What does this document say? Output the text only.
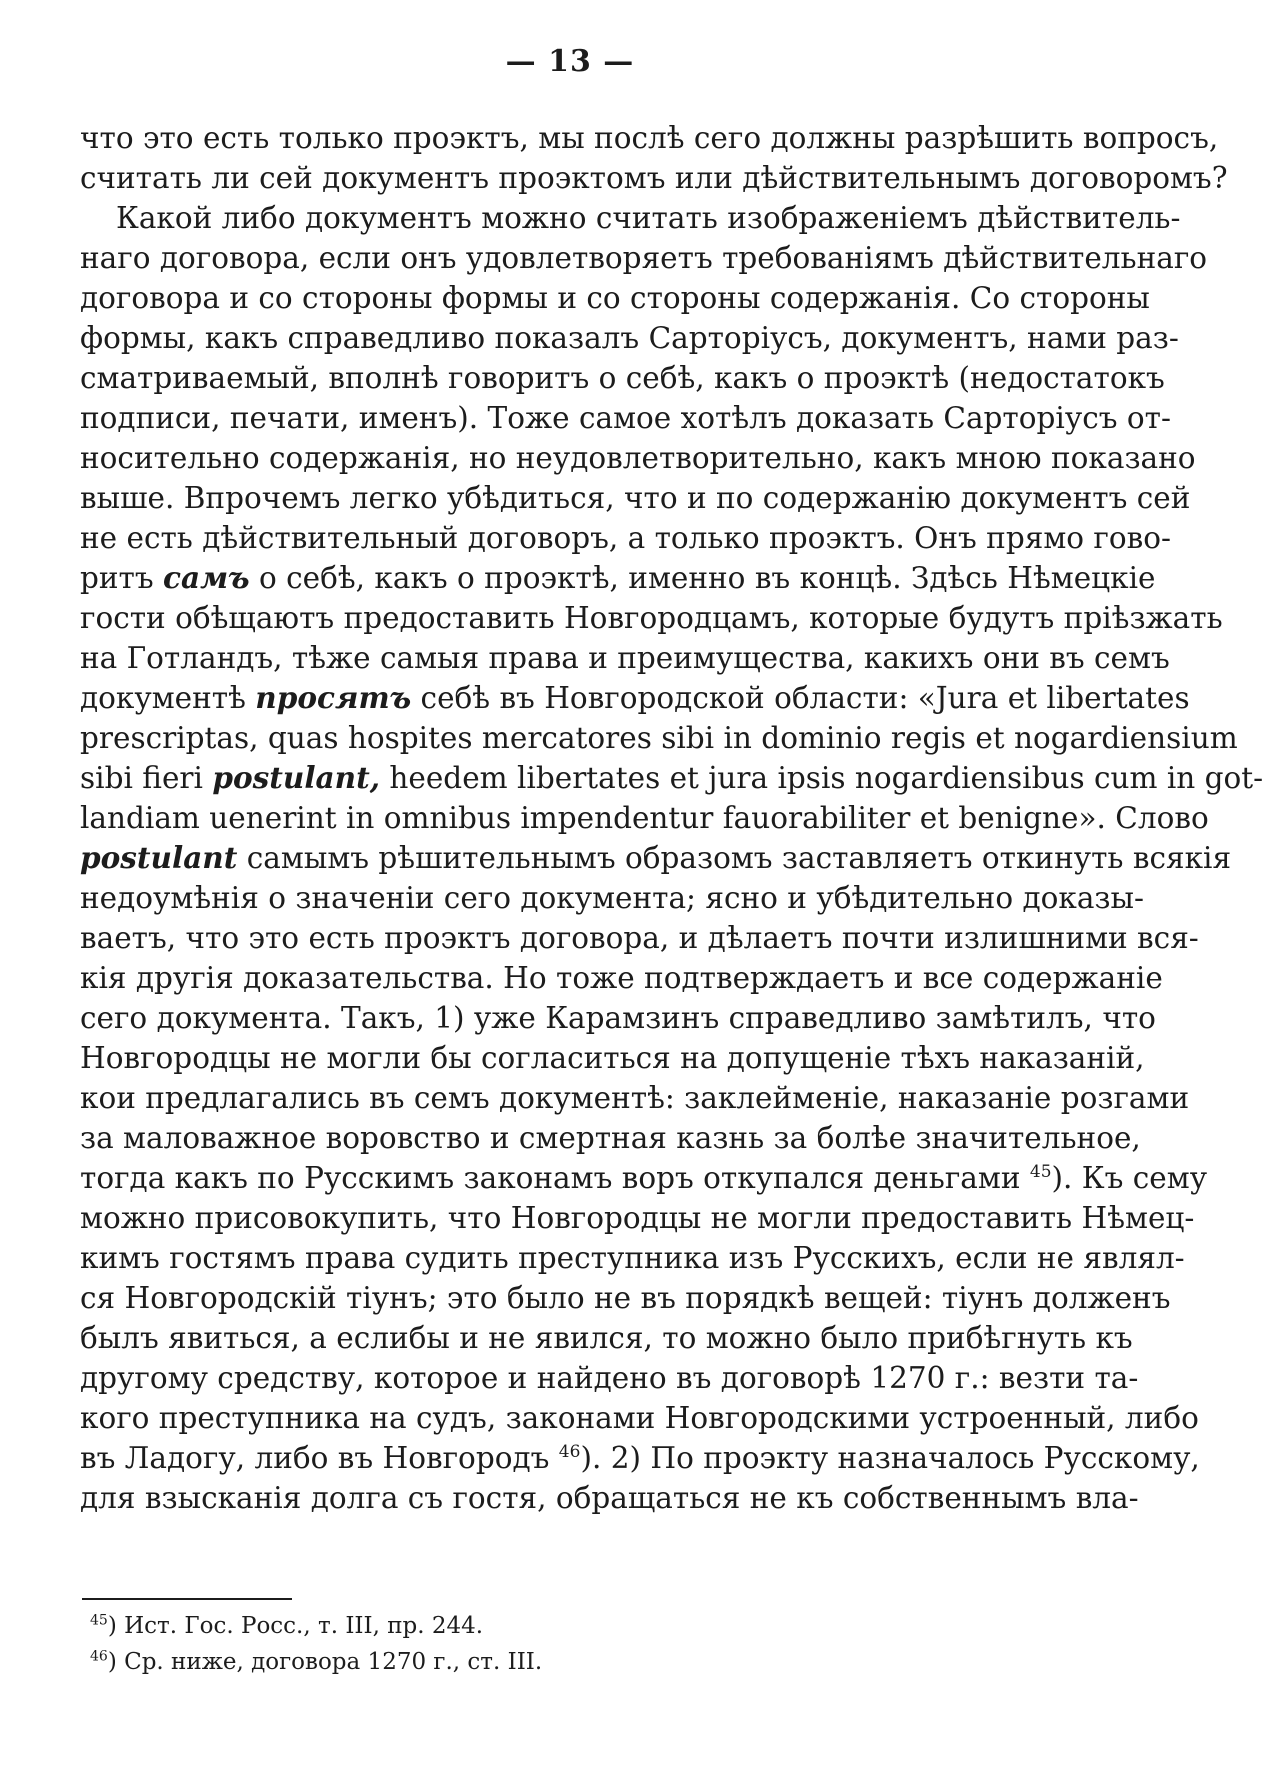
— 13 —
что это есть только проэктъ, мы послѣ сего должны разрѣшить вопросъ,
считать ли сей документъ проэктомъ или дѣйствительнымъ договоромъ?
Какой либо документъ можно считать изображеніемъ дѣйствитель-
наго договора, если онъ удовлетворяетъ требованіямъ дѣйствительнаго
договора и со стороны формы и со стороны содержанія. Со стороны
формы, какъ справедливо показалъ Сарторіусъ, документъ, нами раз-
сматриваемый, вполнѣ говоритъ о себѣ, какъ о проэктѣ (недостатокъ
подписи, печати, именъ). Тоже самое хотѣлъ доказать Сарторіусъ от-
носительно содержанія, но неудовлетворительно, какъ мною показано
выше. Впрочемъ легко убѣдиться, что и по содержанію документъ сей
не есть дѣйствительный договоръ, а только проэктъ. Онъ прямо гово-
ритъ самъ о себѣ, какъ о проэктѣ, именно въ концѣ. Здѣсь Нѣмецкіе
гости обѣщаютъ предоставить Новгородцамъ, которые будутъ пріѣзжать
на Готландъ, тѣже самыя права и преимущества, какихъ они въ семъ
документѣ просятъ себѣ въ Новгородской области: «Jura et libertates
prescriptas, quas hospites mercatores sibi in dominio regis et nogardiensium
sibi fieri postulant, heedem libertates et jura ipsis nogardiensibus cum in got-
landiam uenerint in omnibus impendentur fauorabiliter et benigne». Слово
postulant самымъ рѣшительнымъ образомъ заставляетъ откинуть всякія
недоумѣнія о значеніи сего документа; ясно и убѣдительно доказы-
ваетъ, что это есть проэктъ договора, и дѣлаетъ почти излишними вся-
кія другія доказательства. Но тоже подтверждаетъ и все содержаніе
сего документа. Такъ, 1) уже Карамзинъ справедливо замѣтилъ, что
Новгородцы не могли бы согласиться на допущеніе тѣхъ наказаній,
кои предлагались въ семъ документѣ: заклейменіе, наказаніе розгами
за маловажное воровство и смертная казнь за болѣе значительное,
тогда какъ по Русскимъ законамъ воръ откупался деньгами $^{45}$). Къ сему
можно присовокупить, что Новгородцы не могли предоставить Нѣмец-
кимъ гостямъ права судить преступника изъ Русскихъ, если не являл-
ся Новгородскій тіунъ; это было не въ порядкѣ вещей: тіунъ долженъ
былъ явиться, а еслибы и не явился, то можно было прибѣгнуть къ
другому средству, которое и найдено въ договорѣ 1270 г.: везти та-
кого преступника на судъ, законами Новгородскими устроенный, либо
въ Ладогу, либо въ Новгородъ $^{46}$). 2) По проэкту назначалось Русскому,
для взысканія долга съ гостя, обращаться не къ собственнымъ вла-
$^{45}$) Ист. Гос. Росс., т. III, пр. 244.
$^{46}$) Ср. ниже, договора 1270 г., ст. III.
